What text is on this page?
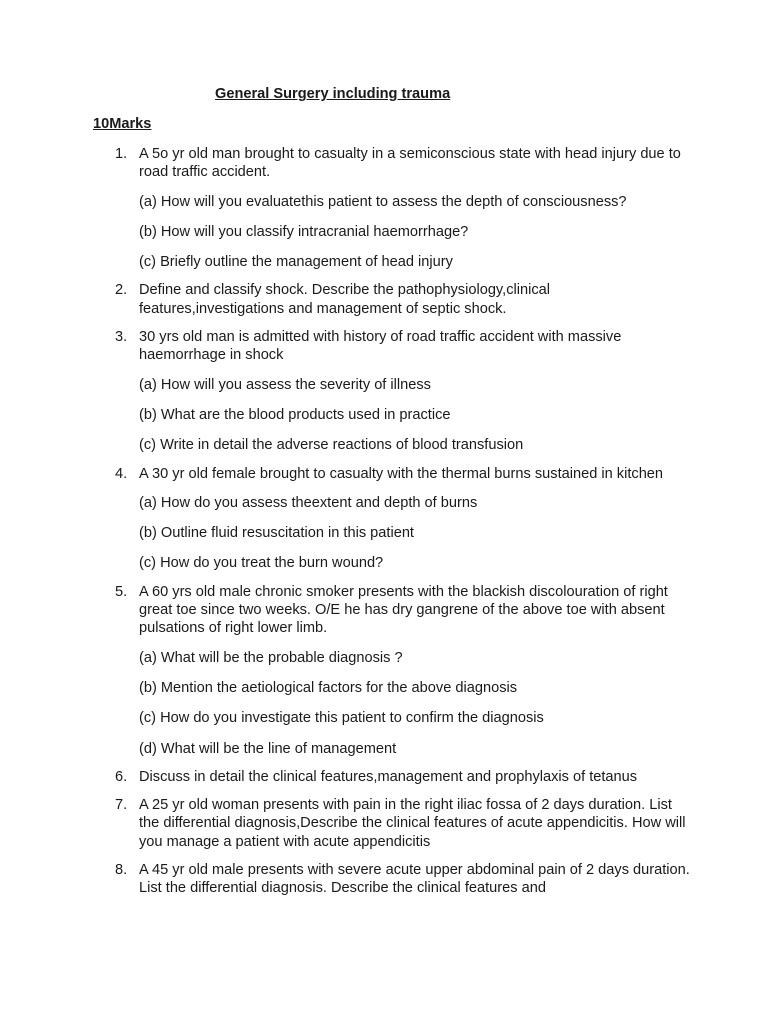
General Surgery including trauma
10Marks
1. A 5o yr old man brought to casualty in a semiconscious state with head injury due to road traffic accident.
(a) How will you evaluatethis patient to assess the depth of consciousness?
(b) How will you classify intracranial haemorrhage?
(c) Briefly outline the management of head injury
2. Define and classify shock. Describe the pathophysiology,clinical features,investigations and management of septic shock.
3. 30 yrs old man is admitted with history of road traffic accident with massive haemorrhage in shock
(a) How will you assess the severity of illness
(b) What are the blood products used in practice
(c) Write in detail the adverse reactions of blood transfusion
4. A 30 yr old female brought to casualty with the thermal burns sustained in kitchen
(a) How do you assess theextent and depth of burns
(b) Outline fluid resuscitation in this patient
(c) How do you treat the burn wound?
5. A 60 yrs old male chronic smoker presents with the blackish discolouration of right great toe since two weeks. O/E he has dry gangrene of the above toe with absent pulsations of right lower limb.
(a) What will be the probable diagnosis ?
(b) Mention the aetiological factors for the above diagnosis
(c) How do you investigate this patient to confirm the diagnosis
(d) What will be the line of management
6. Discuss in detail the clinical features,management and prophylaxis of tetanus
7. A 25 yr old woman presents with pain in the right iliac fossa of 2 days duration. List the differential diagnosis,Describe the clinical features of acute appendicitis. How will you manage a patient with acute appendicitis
8. A 45 yr old male presents with severe acute upper abdominal pain of 2 days duration. List the differential diagnosis. Describe the clinical features and
